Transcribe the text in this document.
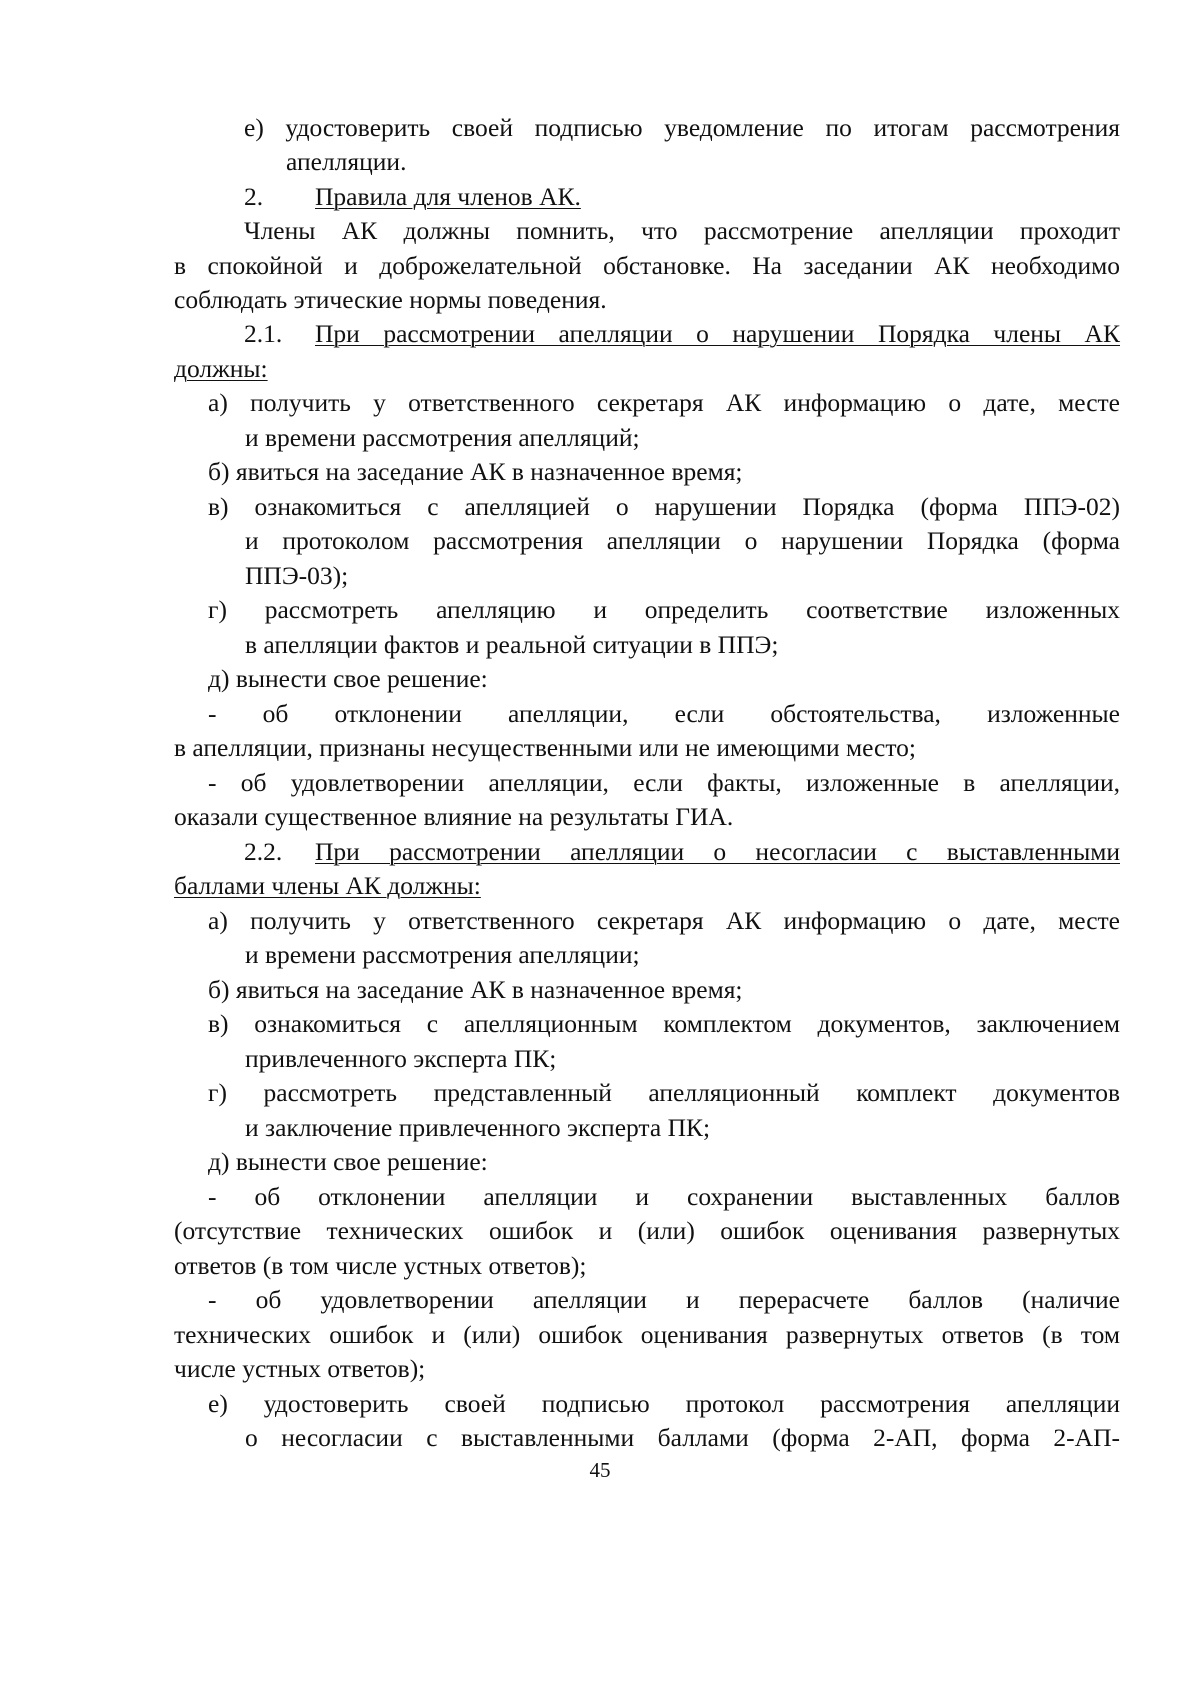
е) удостоверить своей подписью уведомление по итогам рассмотрения
апелляции.
2.	Правила для членов АК.
Члены АК должны помнить, что рассмотрение апелляции проходит
в спокойной и доброжелательной обстановке. На заседании АК необходимо
соблюдать этические нормы поведения.
2.1.	При рассмотрении апелляции о нарушении Порядка члены АК
должны:
а) получить у ответственного секретаря АК информацию о дате, месте
и времени рассмотрения апелляций;
б) явиться на заседание АК в назначенное время;
в) ознакомиться с апелляцией о нарушении Порядка (форма ППЭ-02)
и протоколом рассмотрения апелляции о нарушении Порядка (форма
ППЭ-03);
г) рассмотреть апелляцию и определить соответствие изложенных
в апелляции фактов и реальной ситуации в ППЭ;
д) вынести свое решение:
- об отклонении апелляции, если обстоятельства, изложенные
в апелляции, признаны несущественными или не имеющими место;
- об удовлетворении апелляции, если факты, изложенные в апелляции,
оказали существенное влияние на результаты ГИА.
2.2.	При рассмотрении апелляции о несогласии с выставленными
баллами члены АК должны:
а) получить у ответственного секретаря АК информацию о дате, месте
и времени рассмотрения апелляции;
б) явиться на заседание АК в назначенное время;
в) ознакомиться с апелляционным комплектом документов, заключением
привлеченного эксперта ПК;
г) рассмотреть представленный апелляционный комплект документов
и заключение привлеченного эксперта ПК;
д) вынести свое решение:
- об отклонении апелляции и сохранении выставленных баллов
(отсутствие технических ошибок и (или) ошибок оценивания развернутых
ответов (в том числе устных ответов);
- об удовлетворении апелляции и перерасчете баллов (наличие
технических ошибок и (или) ошибок оценивания развернутых ответов (в том
числе устных ответов);
е) удостоверить своей подписью протокол рассмотрения апелляции
о несогласии с выставленными баллами (форма 2-АП, форма 2-АП-
45
